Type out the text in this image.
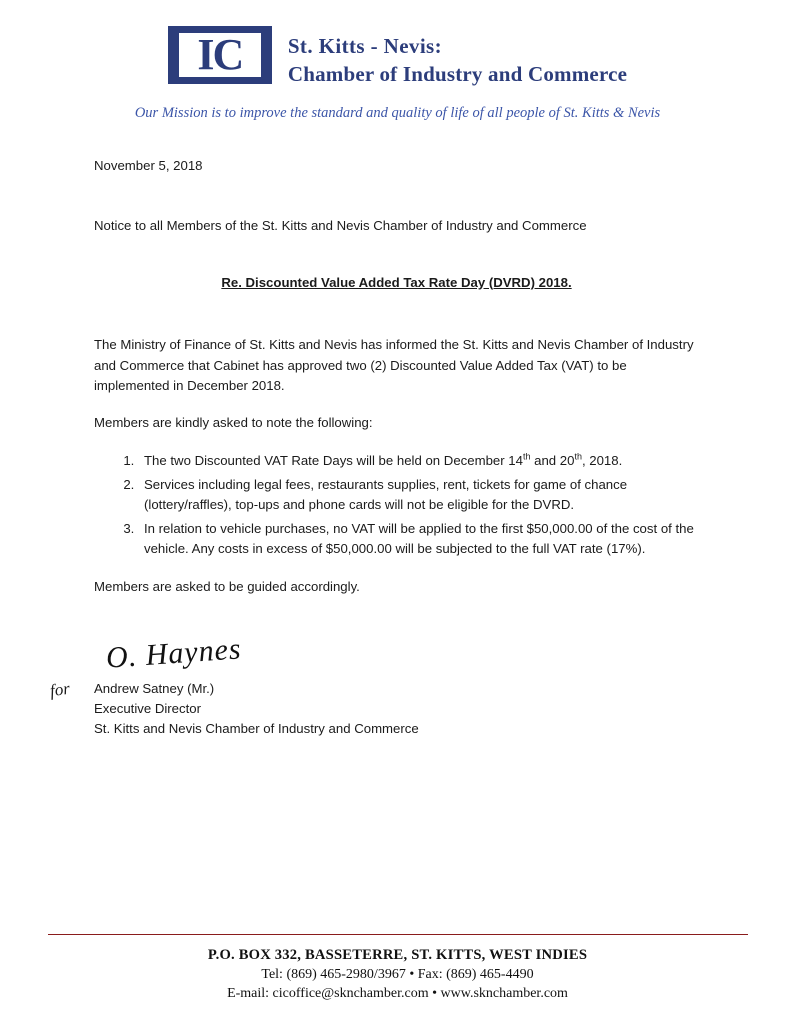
IC	St. Kitts - Nevis:
Chamber of Industry and Commerce
Our Mission is to improve the standard and quality of life of all people of St. Kitts & Nevis
November 5, 2018
Notice to all Members of the St. Kitts and Nevis Chamber of Industry and Commerce
Re. Discounted Value Added Tax Rate Day (DVRD) 2018.
The Ministry of Finance of St. Kitts and Nevis has informed the St. Kitts and Nevis Chamber of Industry and Commerce that Cabinet has approved two (2) Discounted Value Added Tax (VAT) to be implemented in December 2018.
Members are kindly asked to note the following:
1. The two Discounted VAT Rate Days will be held on December 14th and 20th, 2018.
2. Services including legal fees, restaurants supplies, rent, tickets for game of chance (lottery/raffles), top-ups and phone cards will not be eligible for the DVRD.
3. In relation to vehicle purchases, no VAT will be applied to the first $50,000.00 of the cost of the vehicle. Any costs in excess of $50,000.00 will be subjected to the full VAT rate (17%).
Members are asked to be guided accordingly.
O. Haynes
for Andrew Satney (Mr.)
Executive Director
St. Kitts and Nevis Chamber of Industry and Commerce
P.O. BOX 332, BASSETERRE, ST. KITTS, WEST INDIES
Tel: (869) 465-2980/3967 • Fax: (869) 465-4490
E-mail: cicoffice@sknchamber.com • www.sknchamber.com
